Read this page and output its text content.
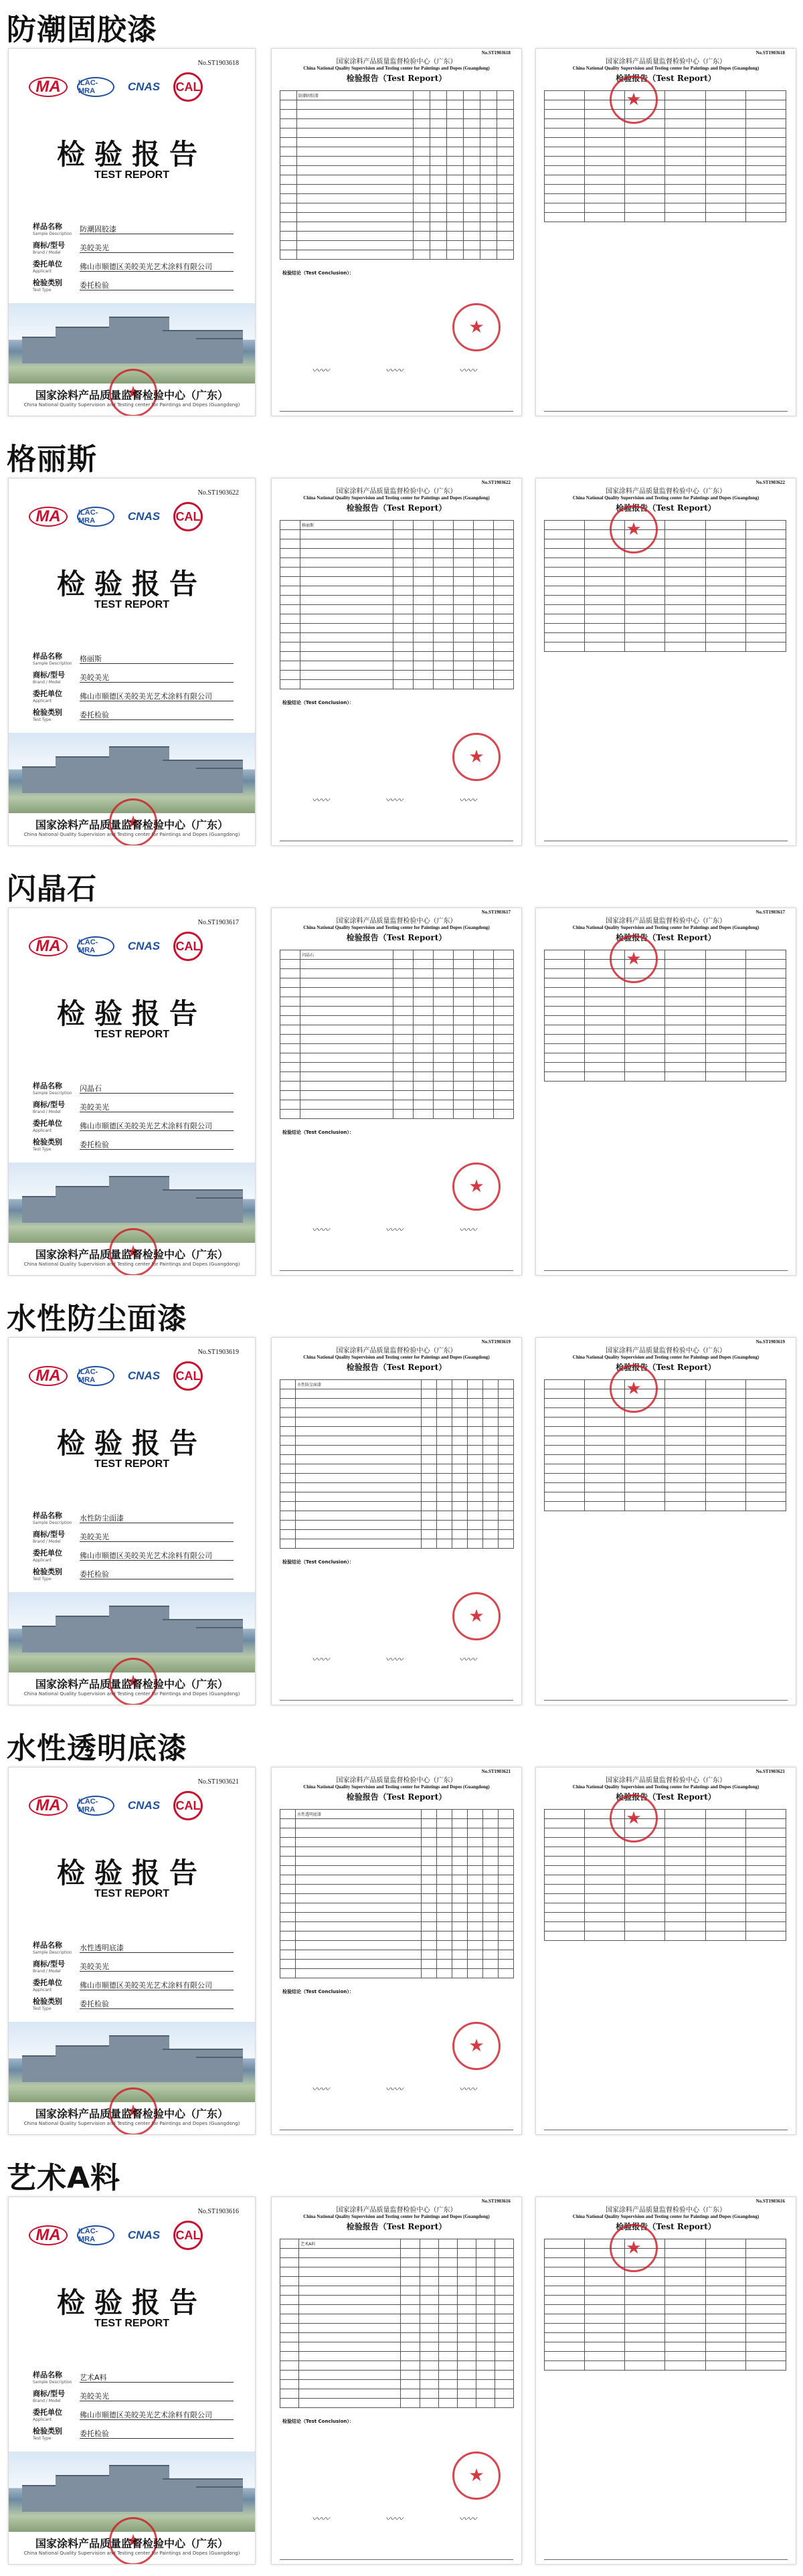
防潮固胶漆
No.ST1903618
MA	ILAC-MRA	CNAS	CAL
检验报告
TEST REPORT
样品名称
Sample Description
防潮固胶漆
商标/型号
Brand / Model
美皎美光
委托单位
Applicant
佛山市顺德区美皎美光艺术涂料有限公司
检验类别
Test Type
委托检验
★
国家涂料产品质量监督检验中心（广东）
China National Quality Supervision and Testing center for Paintings and Dopes (Guangdong)
No.ST1903618
国家涂料产品质量监督检验中心（广东）
China National Quality Supervision and Testing center for Paintings and Dopes (Guangdong)
检验报告（Test Report）
	防潮固胶漆						

检验结论（Test Conclusion）：
★
〰〰	〰〰	〰〰
No.ST1903618
国家涂料产品质量监督检验中心（广东）
China National Quality Supervision and Testing center for Paintings and Dopes (Guangdong)
检验报告（Test Report）

★
格丽斯
No.ST1903622
MA	ILAC-MRA	CNAS	CAL
检验报告
TEST REPORT
样品名称
Sample Description
格丽斯
商标/型号
Brand / Model
美皎美光
委托单位
Applicant
佛山市顺德区美皎美光艺术涂料有限公司
检验类别
Test Type
委托检验
★
国家涂料产品质量监督检验中心（广东）
China National Quality Supervision and Testing center for Paintings and Dopes (Guangdong)
No.ST1903622
国家涂料产品质量监督检验中心（广东）
China National Quality Supervision and Testing center for Paintings and Dopes (Guangdong)
检验报告（Test Report）
	格丽斯						

检验结论（Test Conclusion）：
★
〰〰	〰〰	〰〰
No.ST1903622
国家涂料产品质量监督检验中心（广东）
China National Quality Supervision and Testing center for Paintings and Dopes (Guangdong)
检验报告（Test Report）

★
闪晶石
No.ST1903617
MA	ILAC-MRA	CNAS	CAL
检验报告
TEST REPORT
样品名称
Sample Description
闪晶石
商标/型号
Brand / Model
美皎美光
委托单位
Applicant
佛山市顺德区美皎美光艺术涂料有限公司
检验类别
Test Type
委托检验
★
国家涂料产品质量监督检验中心（广东）
China National Quality Supervision and Testing center for Paintings and Dopes (Guangdong)
No.ST1903617
国家涂料产品质量监督检验中心（广东）
China National Quality Supervision and Testing center for Paintings and Dopes (Guangdong)
检验报告（Test Report）
	闪晶石						

检验结论（Test Conclusion）：
★
〰〰	〰〰	〰〰
No.ST1903617
国家涂料产品质量监督检验中心（广东）
China National Quality Supervision and Testing center for Paintings and Dopes (Guangdong)
检验报告（Test Report）

★
水性防尘面漆
No.ST1903619
MA	ILAC-MRA	CNAS	CAL
检验报告
TEST REPORT
样品名称
Sample Description
水性防尘面漆
商标/型号
Brand / Model
美皎美光
委托单位
Applicant
佛山市顺德区美皎美光艺术涂料有限公司
检验类别
Test Type
委托检验
★
国家涂料产品质量监督检验中心（广东）
China National Quality Supervision and Testing center for Paintings and Dopes (Guangdong)
No.ST1903619
国家涂料产品质量监督检验中心（广东）
China National Quality Supervision and Testing center for Paintings and Dopes (Guangdong)
检验报告（Test Report）
	水性防尘面漆						

检验结论（Test Conclusion）：
★
〰〰	〰〰	〰〰
No.ST1903619
国家涂料产品质量监督检验中心（广东）
China National Quality Supervision and Testing center for Paintings and Dopes (Guangdong)
检验报告（Test Report）

★
水性透明底漆
No.ST1903621
MA	ILAC-MRA	CNAS	CAL
检验报告
TEST REPORT
样品名称
Sample Description
水性透明底漆
商标/型号
Brand / Model
美皎美光
委托单位
Applicant
佛山市顺德区美皎美光艺术涂料有限公司
检验类别
Test Type
委托检验
★
国家涂料产品质量监督检验中心（广东）
China National Quality Supervision and Testing center for Paintings and Dopes (Guangdong)
No.ST1903621
国家涂料产品质量监督检验中心（广东）
China National Quality Supervision and Testing center for Paintings and Dopes (Guangdong)
检验报告（Test Report）
	水性透明底漆						

检验结论（Test Conclusion）：
★
〰〰	〰〰	〰〰
No.ST1903621
国家涂料产品质量监督检验中心（广东）
China National Quality Supervision and Testing center for Paintings and Dopes (Guangdong)
检验报告（Test Report）

★
艺术A料
No.ST1903616
MA	ILAC-MRA	CNAS	CAL
检验报告
TEST REPORT
样品名称
Sample Description
艺术A料
商标/型号
Brand / Model
美皎美光
委托单位
Applicant
佛山市顺德区美皎美光艺术涂料有限公司
检验类别
Test Type
委托检验
★
国家涂料产品质量监督检验中心（广东）
China National Quality Supervision and Testing center for Paintings and Dopes (Guangdong)
No.ST1903616
国家涂料产品质量监督检验中心（广东）
China National Quality Supervision and Testing center for Paintings and Dopes (Guangdong)
检验报告（Test Report）
	艺术A料						

检验结论（Test Conclusion）：
★
〰〰	〰〰	〰〰
No.ST1903616
国家涂料产品质量监督检验中心（广东）
China National Quality Supervision and Testing center for Paintings and Dopes (Guangdong)
检验报告（Test Report）

★
